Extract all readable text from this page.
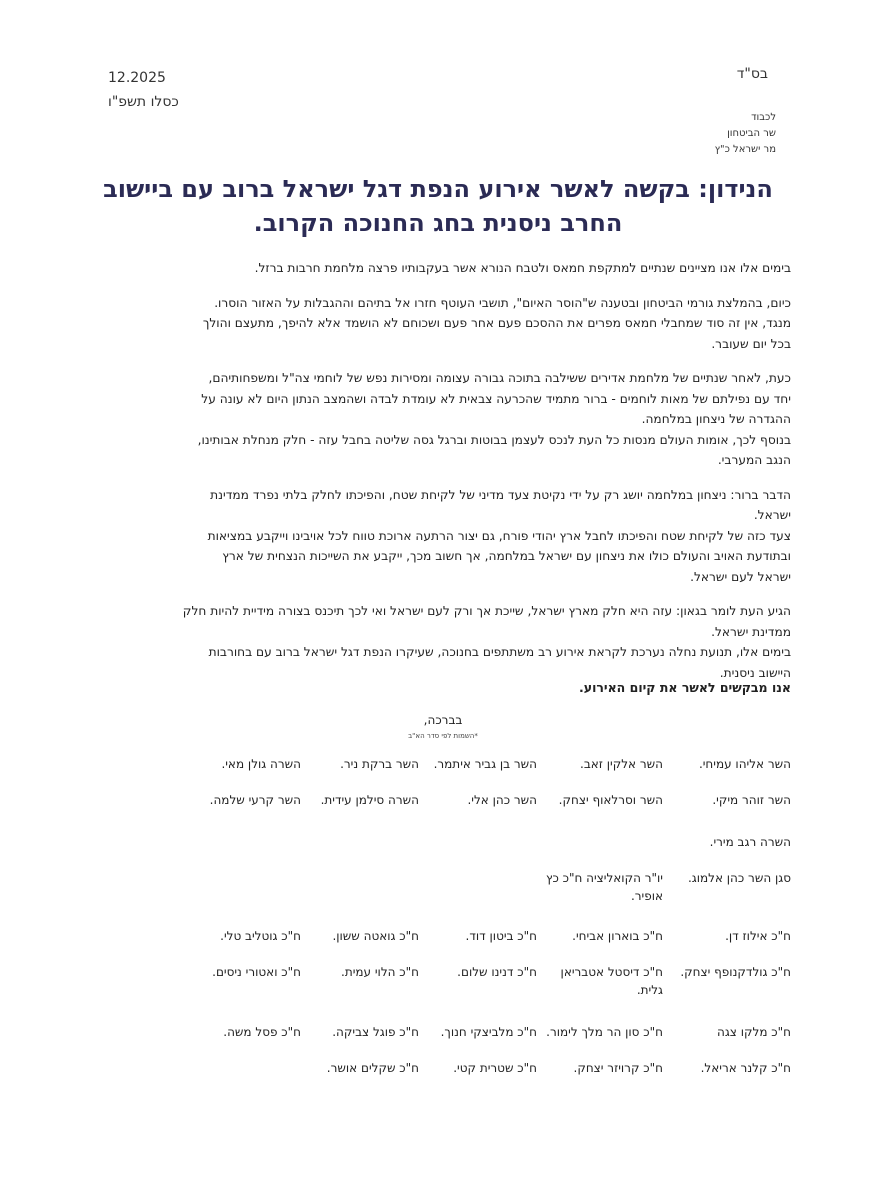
בס"ד
12.2025

כסלו תשפ"ו
לכבוד
שר הביטחון
מר ישראל כ"ץ
הנידון: בקשה לאשר אירוע הנפת דגל ישראל ברוב עם ביישוב
החרב ניסנית בחג החנוכה הקרוב.

בימים אלו אנו מציינים שנתיים למתקפת חמאס ולטבח הנורא אשר בעקבותיו פרצה מלחמת חרבות ברזל.

כיום, בהמלצת גורמי הביטחון ובטענה ש"הוסר האיום", תושבי העוטף חזרו אל בתיהם וההגבלות על האזור הוסרו.
מנגד, אין זה סוד שמחבלי חמאס מפרים את ההסכם פעם אחר פעם ושכוחם לא הושמד אלא להיפך, מתעצם והולך
בכל יום שעובר.

כעת, לאחר שנתיים של מלחמת אדירים ששילבה בתוכה גבורה עצומה ומסירות נפש של לוחמי צה"ל ומשפחותיהם,
יחד עם נפילתם של מאות לוחמים - ברור מתמיד שהכרעה צבאית לא עומדת לבדה ושהמצב הנתון היום לא עונה על
ההגדרה של ניצחון במלחמה.
בנוסף לכך, אומות העולם מנסות כל העת לנכס לעצמן בבוטות וברגל גסה שליטה בחבל עזה - חלק מנחלת אבותינו,
הנגב המערבי.

הדבר ברור: ניצחון במלחמה יושג רק על ידי נקיטת צעד מדיני של לקיחת שטח, והפיכתו לחלק בלתי נפרד ממדינת
ישראל.
צעד כזה של לקיחת שטח והפיכתו לחבל ארץ יהודי פורח, גם יצור הרתעה ארוכת טווח לכל אויבינו וייקבע במציאות
ובתודעת האויב והעולם כולו את ניצחון עם ישראל במלחמה, אך חשוב מכך, ייקבע את השייכות הנצחית של ארץ
ישראל לעם ישראל.

הגיע העת לומר בגאון: עזה היא חלק מארץ ישראל, שייכת אך ורק לעם ישראל ואי לכך תיכנס בצורה מידיית להיות חלק
ממדינת ישראל.
בימים אלו, תנועת נחלה נערכת לקראת אירוע רב משתתפים בחנוכה, שעיקרו הנפת דגל ישראל ברוב עם בחורבות
היישוב ניסנית.

אנו מבקשים לאשר את קיום האירוע.
בברכה,
*השמות לפי סדר הא"ב
השר אליהו עמיחי.
השר אלקין זאב.
השר בן גביר איתמר.
השר ברקת ניר.
השרה גולן מאי.
השר זוהר מיקי.
השר וסרלאוף יצחק.
השר כהן אלי.
השרה סילמן עידית.
השר קרעי שלמה.
השרה רגב מירי.
סגן השר כהן אלמוג.
יו"ר הקואליציה ח"כ כץ אופיר.
ח"כ אילוז דן.
ח"כ בוארון אביחי.
ח"כ ביטון דוד.
ח"כ גואטה ששון.
ח"כ גוטליב טלי.
ח"כ גולדקנופף יצחק.
ח"כ דיסטל אטבריאן גלית.
ח"כ דנינו שלום.
ח"כ הלוי עמית.
ח"כ ואטורי ניסים.
ח"כ מלקו צגה
ח"כ סון הר מלך לימור.
ח"כ מלביצקי חנוך.
ח"כ פוגל צביקה.
ח"כ פסל משה.
ח"כ קלנר אריאל.
ח"כ קרויזר יצחק.
ח"כ שטרית קטי.
ח"כ שקלים אושר.
